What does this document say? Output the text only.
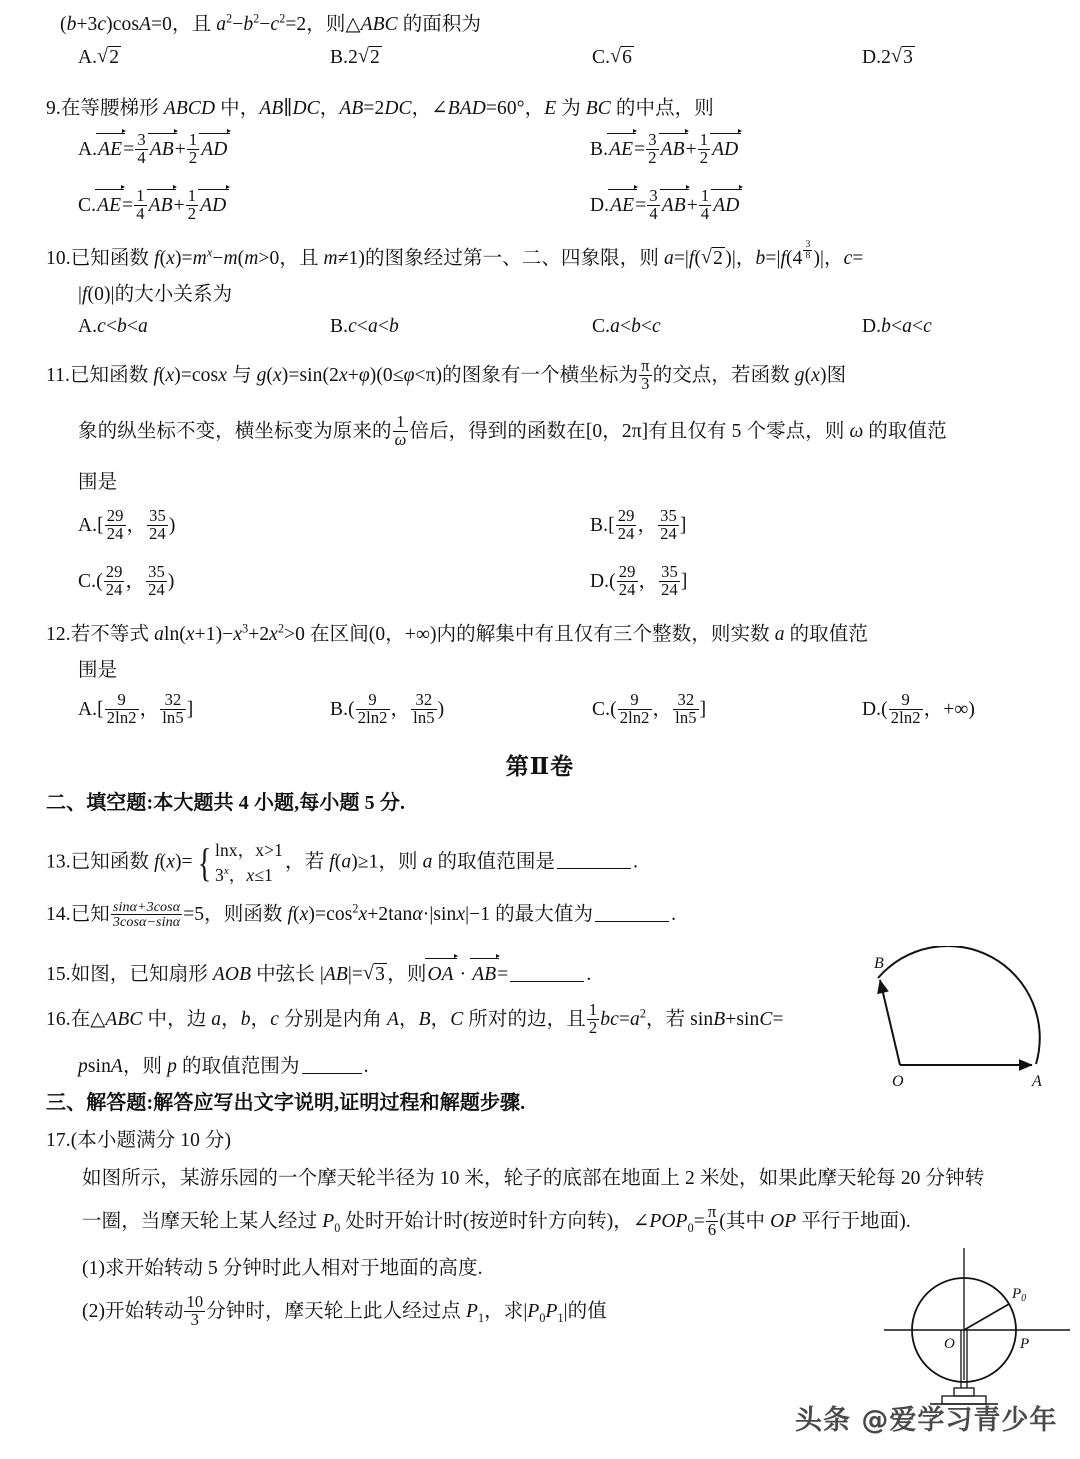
(b+3c)cosA=0，且 $a^2-b^2-c^2=2$，则△ABC 的面积为
A. √ 2	B.2 √ 2	C. √ 6	D.2 √ 3
9.在等腰梯形 ABCD 中，AB∥DC，AB=2DC，∠BAD=60°，E 为 BC 的中点，则
$A.AE= \frac{3}{4} AB+ \frac{1}{2}$ AD	$B.AE= \frac{3}{2} AB+ \frac{1}{2}$ AD
$C.AE= \frac{1}{4} AB+ \frac{1}{2}$ AD	$D.AE= \frac{3}{4} AB+ \frac{1}{4}$ AD
10.已知函数 $f(x)=m^x-m(m>0$，且 m≠1)的图象经过第一、二、四象限，则 a=|f( √ 2 )|，$b=|f(4 \frac{3}{8}$ )|，c=
|f(0)|的大小关系为
A.c<b<a	B.c<a<b	C.a<b<c	D.b<a<c
11.已知函数 f(x)=cosx 与 g(x)=sin(2x+φ)(0≤φ<π)的图象有一个横坐标为 $\frac{\pi}{3}$ 的交点，若函数 g(x)图
象的纵坐标不变，横坐标变为原来的 $\frac{1}{\omega}$ 倍后，得到的函数在[0，2π]有且仅有 5 个零点，则 ω 的取值范
围是
$A.[ \frac{29}{24}$ ， $\frac{35}{24}$ )	$B.[ \frac{29}{24}$ ， $\frac{35}{24}$ ]
$C.( \frac{29}{24}$ ， $\frac{35}{24}$ )	$D.( \frac{29}{24}$ ， $\frac{35}{24}$ ]
12.若不等式 $aln(x+1)-x^3+2x^2>0$ 在区间(0，+∞)内的解集中有且仅有三个整数，则实数 a 的取值范
围是
$A.[ \frac{9}{2\ln 2}$ ， $\frac{32}{\ln 5}$ ]	$B.( \frac{9}{2\ln 2}$ ， $\frac{32}{\ln 5}$ )	$C.( \frac{9}{2\ln 2}$ ， $\frac{32}{\ln 5}$ ]	$D.( \frac{9}{2\ln 2}$ ，+∞)
第Ⅱ卷
二、填空题:本大题共 4 小题,每小题 5 分.
13.已知函数 f(x)= { lnx，x>1
3$^x$，x≤1
，若 f(a)≥1，则 a 的取值范围是	.
14.已知 $\frac{\sin\alpha+3\cos\alpha}{3\cos\alpha-\sin\alpha} =5$，则函数 $f(x)=\cos^2x+2\tan\alpha\cdot|\sin x|-1$ 的最大值为	.
15.如图，已知扇形 AOB 中弦长 |AB|= √ 3 ，则OA · AB=	.
B
O	A
16.在△ABC 中，边 a，b，c 分别是内角 A，B，C 所对的边，且 $\frac{1}{2} bc=a^2$，若 sinB+sinC=
psinA，则 p 的取值范围为	.
三、解答题:解答应写出文字说明,证明过程和解题步骤.
17.(本小题满分 10 分)
如图所示，某游乐园的一个摩天轮半径为 10 米，轮子的底部在地面上 2 米处，如果此摩天轮每 20 分钟转
一圈，当摩天轮上某人经过 $P_0$ 处时开始计时(按逆时针方向转)，$\angle POP_0= \frac{\pi}{6}$ (其中 OP 平行于地面).
(1)求开始转动 5 分钟时此人相对于地面的高度.
(2)开始转动 $\frac{10}{3}$ 分钟时，摩天轮上此人经过点 $P_1$，求$|P_0P_1|$的值
$P_0$
O	P
头条 @爱学习青少年
